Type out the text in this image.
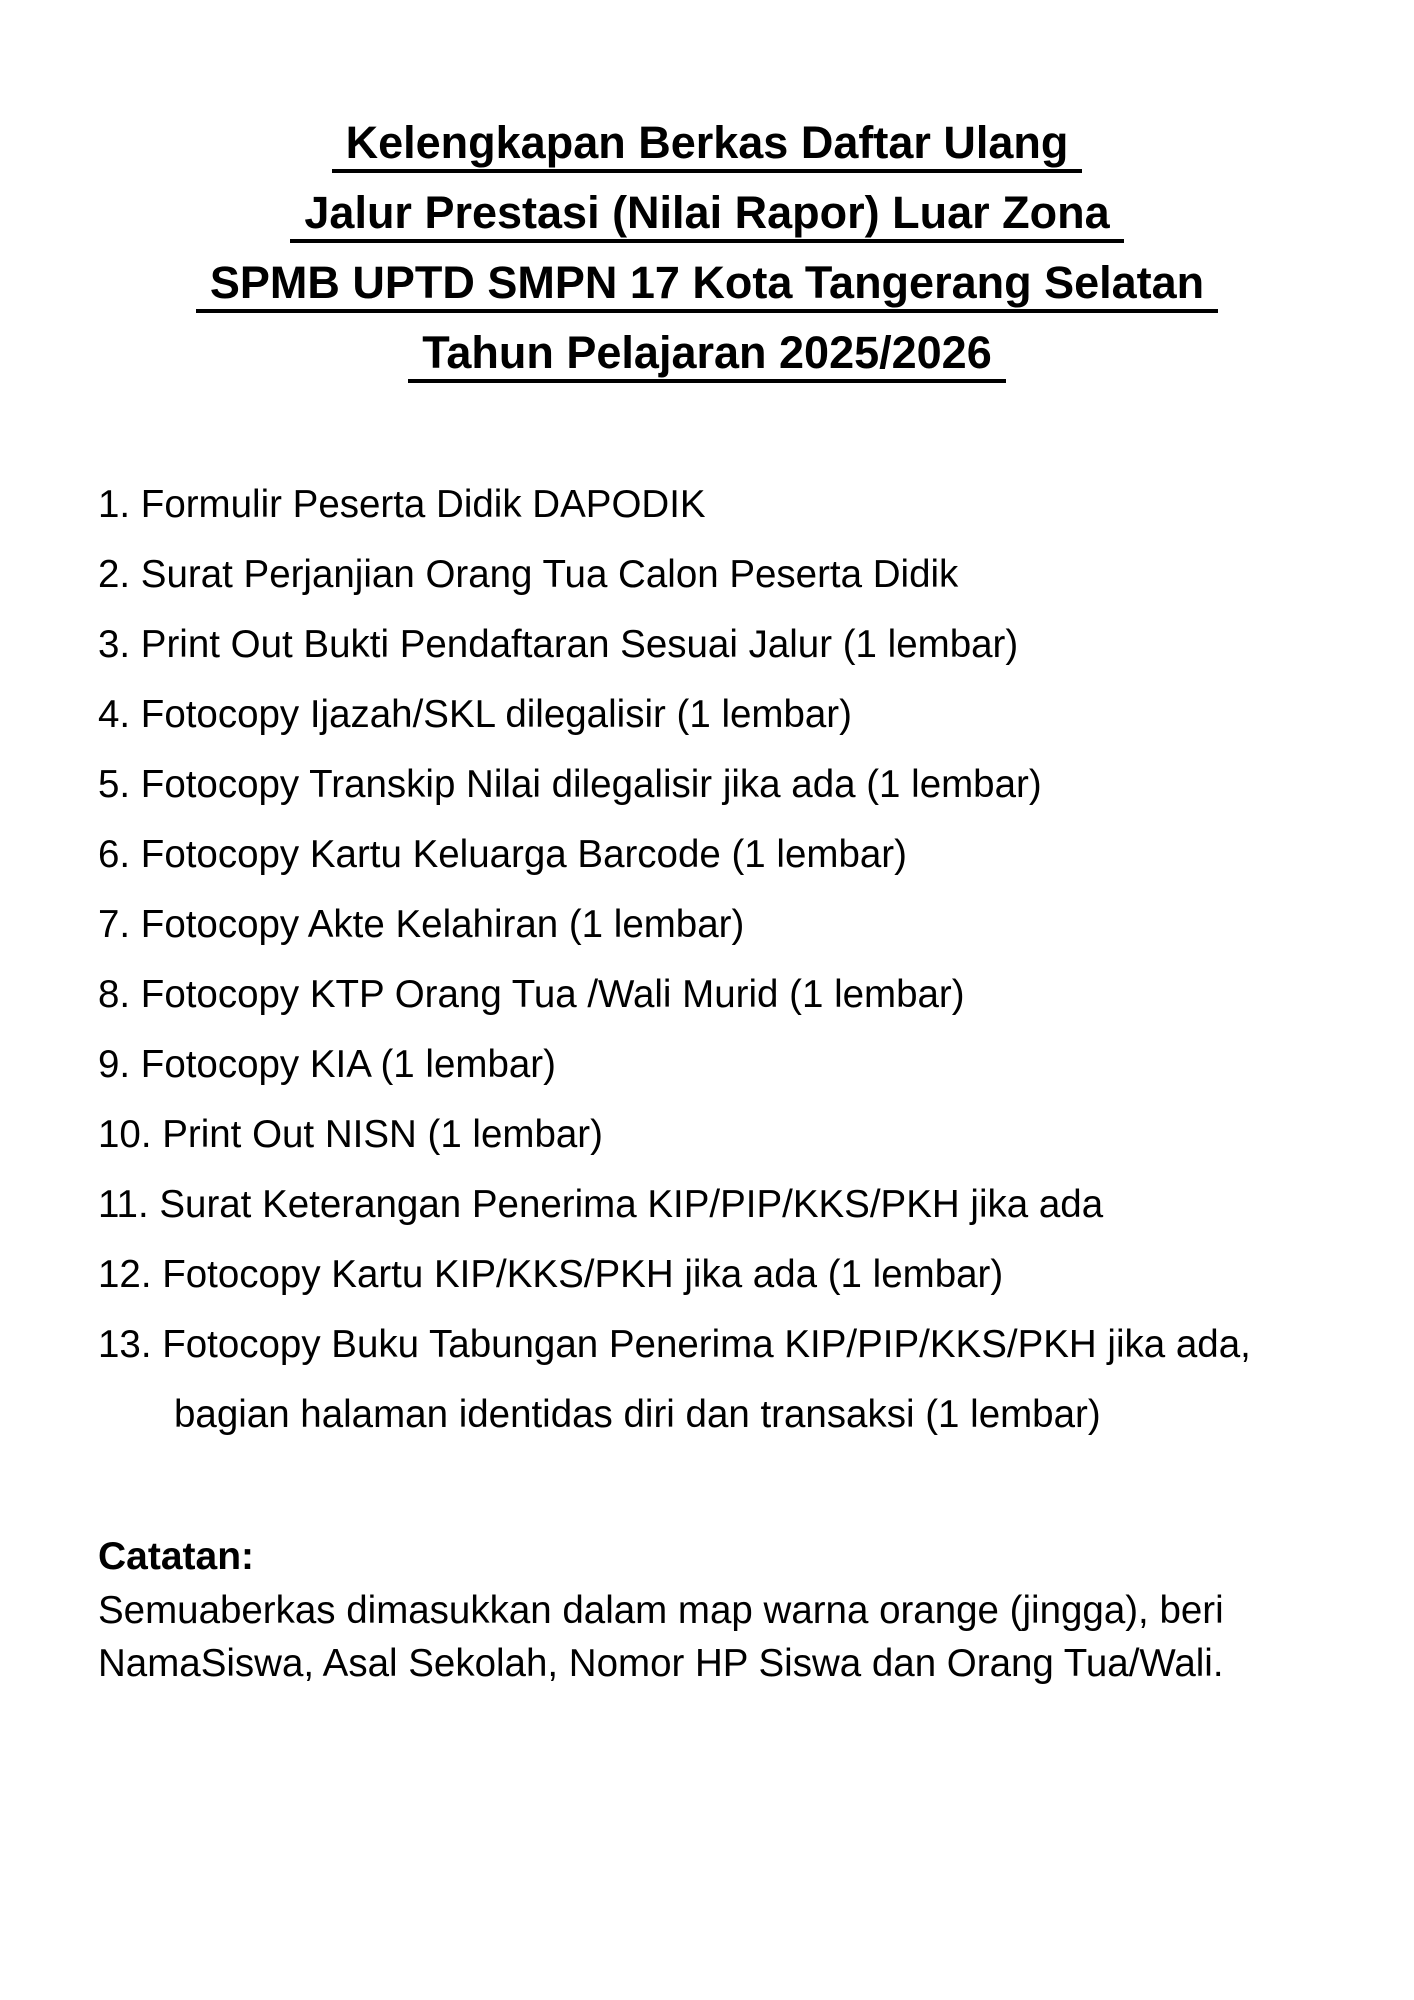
Kelengkapan Berkas Daftar Ulang
Jalur Prestasi (Nilai Rapor) Luar Zona
SPMB UPTD SMPN 17 Kota Tangerang Selatan
Tahun Pelajaran 2025/2026
1. Formulir Peserta Didik DAPODIK
2. Surat Perjanjian Orang Tua Calon Peserta Didik
3. Print Out Bukti Pendaftaran Sesuai Jalur (1 lembar)
4. Fotocopy Ijazah/SKL dilegalisir (1 lembar)
5. Fotocopy Transkip Nilai dilegalisir jika ada (1 lembar)
6. Fotocopy Kartu Keluarga Barcode (1 lembar)
7. Fotocopy Akte Kelahiran (1 lembar)
8. Fotocopy KTP Orang Tua /Wali Murid (1 lembar)
9. Fotocopy KIA (1 lembar)
10. Print Out NISN (1 lembar)
11. Surat Keterangan Penerima KIP/PIP/KKS/PKH jika ada
12. Fotocopy Kartu KIP/KKS/PKH jika ada (1 lembar)
13. Fotocopy Buku Tabungan Penerima KIP/PIP/KKS/PKH jika ada,
bagian halaman identidas diri dan transaksi (1 lembar)
Catatan:
Semuaberkas dimasukkan dalam map warna orange (jingga), beri
NamaSiswa, Asal Sekolah, Nomor HP Siswa dan Orang Tua/Wali.
